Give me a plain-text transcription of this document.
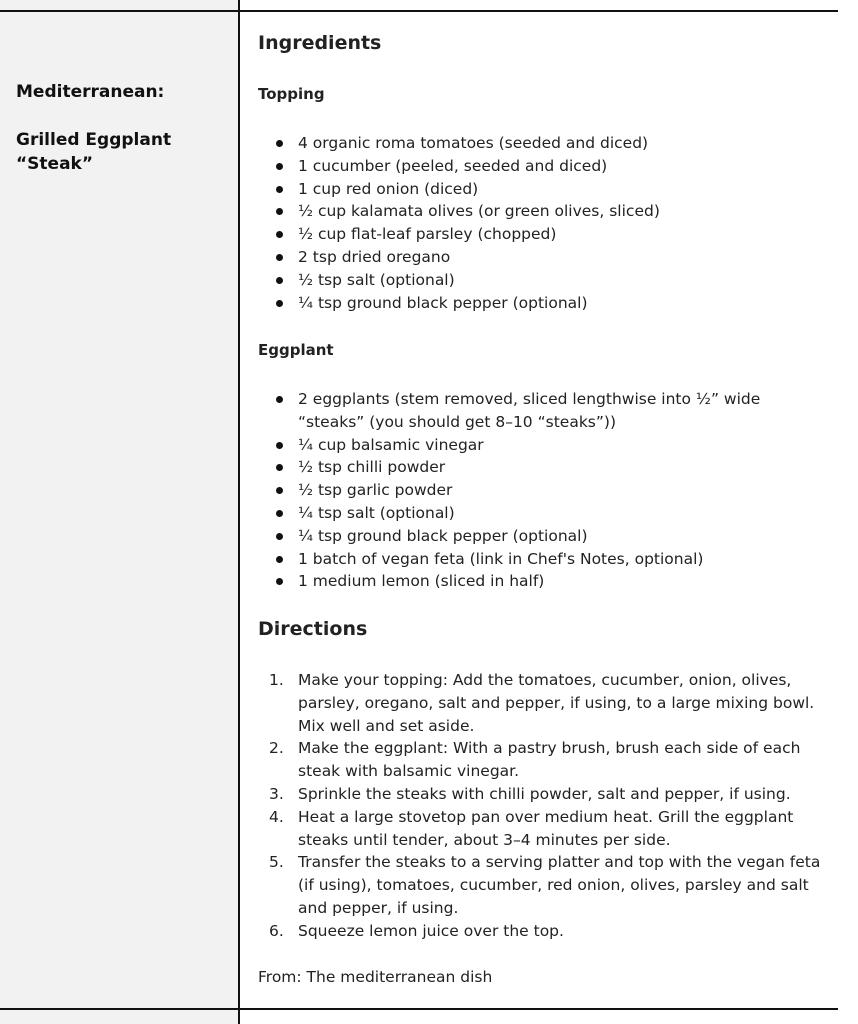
Mediterranean:
Grilled Eggplant
“Steak”
Ingredients
Topping
4 organic roma tomatoes (seeded and diced)
1 cucumber (peeled, seeded and diced)
1 cup red onion (diced)
½ cup kalamata olives (or green olives, sliced)
½ cup flat-leaf parsley (chopped)
2 tsp dried oregano
½ tsp salt (optional)
¼ tsp ground black pepper (optional)
Eggplant
2 eggplants (stem removed, sliced lengthwise into ½” wide “steaks” (you should get 8–10 “steaks”))
¼ cup balsamic vinegar
½ tsp chilli powder
½ tsp garlic powder
¼ tsp salt (optional)
¼ tsp ground black pepper (optional)
1 batch of vegan feta (link in Chef's Notes, optional)
1 medium lemon (sliced in half)
Directions
1. Make your topping: Add the tomatoes, cucumber, onion, olives, parsley, oregano, salt and pepper, if using, to a large mixing bowl. Mix well and set aside.
2. Make the eggplant: With a pastry brush, brush each side of each steak with balsamic vinegar.
3. Sprinkle the steaks with chilli powder, salt and pepper, if using.
4. Heat a large stovetop pan over medium heat. Grill the eggplant steaks until tender, about 3–4 minutes per side.
5. Transfer the steaks to a serving platter and top with the vegan feta (if using), tomatoes, cucumber, red onion, olives, parsley and salt and pepper, if using.
6. Squeeze lemon juice over the top.
From: The mediterranean dish
